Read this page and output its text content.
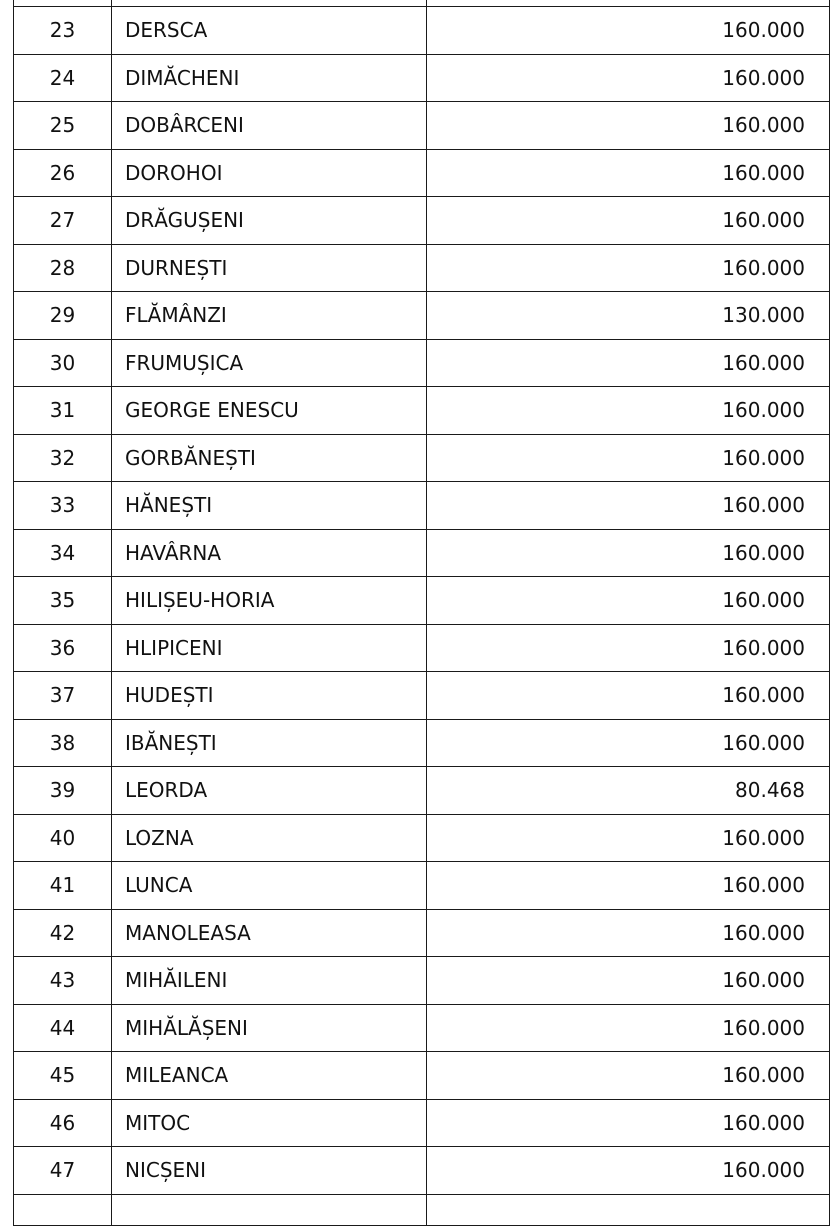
23	DERSCA	160.000
24	DIMĂCHENI	160.000
25	DOBÂRCENI	160.000
26	DOROHOI	160.000
27	DRĂGUȘENI	160.000
28	DURNEȘTI	160.000
29	FLĂMÂNZI	130.000
30	FRUMUȘICA	160.000
31	GEORGE ENESCU	160.000
32	GORBĂNEȘTI	160.000
33	HĂNEȘTI	160.000
34	HAVÂRNA	160.000
35	HILIȘEU-HORIA	160.000
36	HLIPICENI	160.000
37	HUDEȘTI	160.000
38	IBĂNEȘTI	160.000
39	LEORDA	80.468
40	LOZNA	160.000
41	LUNCA	160.000
42	MANOLEASA	160.000
43	MIHĂILENI	160.000
44	MIHĂLĂȘENI	160.000
45	MILEANCA	160.000
46	MITOC	160.000
47	NICȘENI	160.000
